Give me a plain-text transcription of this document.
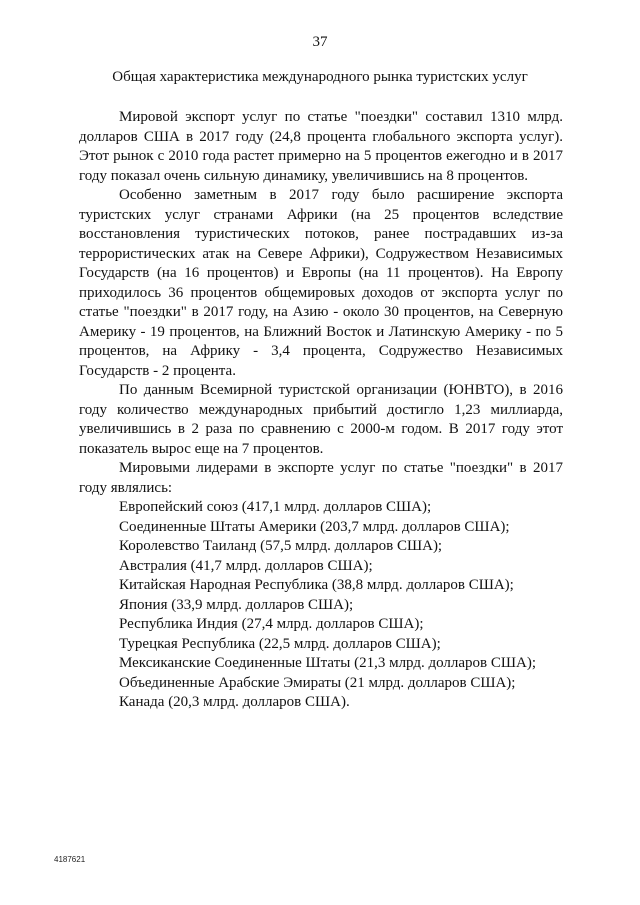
37
Общая характеристика международного рынка туристских услуг

Мировой экспорт услуг по статье "поездки" составил 1310 млрд. долларов США в 2017 году (24,8 процента глобального экспорта услуг). Этот рынок с 2010 года растет примерно на 5 процентов ежегодно и в 2017 году показал очень сильную динамику, увеличившись на 8 процентов.

Особенно заметным в 2017 году было расширение экспорта туристских услуг странами Африки (на 25 процентов вследствие восстановления туристических потоков, ранее пострадавших из-за террористических атак на Севере Африки), Содружеством Независимых Государств (на 16 процентов) и Европы (на 11 процентов). На Европу приходилось 36 процентов общемировых доходов от экспорта услуг по статье "поездки" в 2017 году, на Азию - около 30 процентов, на Северную Америку - 19 процентов, на Ближний Восток и Латинскую Америку - по 5 процентов, на Африку - 3,4 процента, Содружество Независимых Государств - 2 процента.

По данным Всемирной туристской организации (ЮНВТО), в 2016 году количество международных прибытий достигло 1,23 миллиарда, увеличившись в 2 раза по сравнению с 2000-м годом. В 2017 году этот показатель вырос еще на 7 процентов.

Мировыми лидерами в экспорте услуг по статье "поездки" в 2017 году являлись:

Европейский союз (417,1 млрд. долларов США);
Соединенные Штаты Америки (203,7 млрд. долларов США);
Королевство Таиланд (57,5 млрд. долларов США);
Австралия (41,7 млрд. долларов США);
Китайская Народная Республика (38,8 млрд. долларов США);
Япония (33,9 млрд. долларов США);
Республика Индия (27,4 млрд. долларов США);
Турецкая Республика (22,5 млрд. долларов США);
Мексиканские Соединенные Штаты (21,3 млрд. долларов США);
Объединенные Арабские Эмираты (21 млрд. долларов США);
Канада (20,3 млрд. долларов США).
4187621
